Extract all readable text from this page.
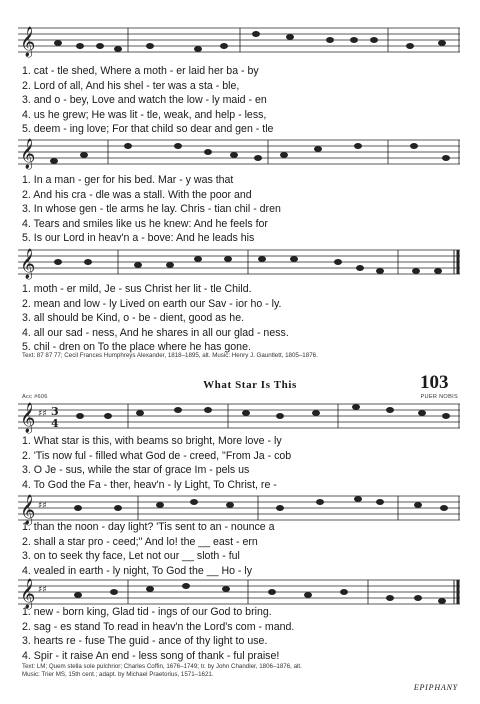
𝄞
1. cat - tle shed, Where a moth - er laid her ba - by
2. Lord of all, And his shel - ter was a sta - ble,
3. and o - bey, Love and watch the low - ly maid - en
4. us he grew; He was lit - tle, weak, and help - less,
5. deem - ing love; For that child so dear and gen - tle
𝄞
1. In a man - ger for his bed. Mar - y was that
2. And his cra - dle was a stall. With the poor and
3. In whose gen - tle arms he lay. Chris - tian chil - dren
4. Tears and smiles like us he knew: And he feels for
5. Is our Lord in heav'n a - bove: And he leads his
𝄞
1. moth - er mild, Je - sus Christ her lit - tle Child.
2. mean and low - ly Lived on earth our Sav - ior ho - ly.
3. all should be Kind, o - be - dient, good as he.
4. all our sad - ness, And he shares in all our glad - ness.
5. chil - dren on To the place where he has gone.
Text: 87 87 77; Cecil Frances Humphreys Alexander, 1818–1895, alt. Music: Henry J. Gauntlett, 1805–1876.
What Star Is This	103
Acc #606	PUER NOBIS
𝄞 ♯♯ 3
4
1. What star is this, with beams so bright, More love - ly
2. 'Tis now ful - filled what God de - creed, "From Ja - cob
3. O Je - sus, while the star of grace Im - pels us
4. To God the Fa - ther, heav'n - ly Light, To Christ, re -
𝄞 ♯♯
1. than the noon - day light? 'Tis sent to an - nounce a
2. shall a star pro - ceed;" And lo! the __ east - ern
3. on to seek thy face, Let not our __ sloth - ful
4. vealed in earth - ly night, To God the __ Ho - ly
𝄞 ♯♯
1. new - born king, Glad tid - ings of our God to bring.
2. sag - es stand To read in heav'n the Lord's com - mand.
3. hearts re - fuse The guid - ance of thy light to use.
4. Spir - it raise An end - less song of thank - ful praise!
Text: LM; Quem stella sole pulchrior; Charles Coffin, 1676–1749; tr. by John Chandler, 1806–1876, alt.
Music: Trier MS, 15th cent.; adapt. by Michael Praetorius, 1571–1621.
EPIPHANY
